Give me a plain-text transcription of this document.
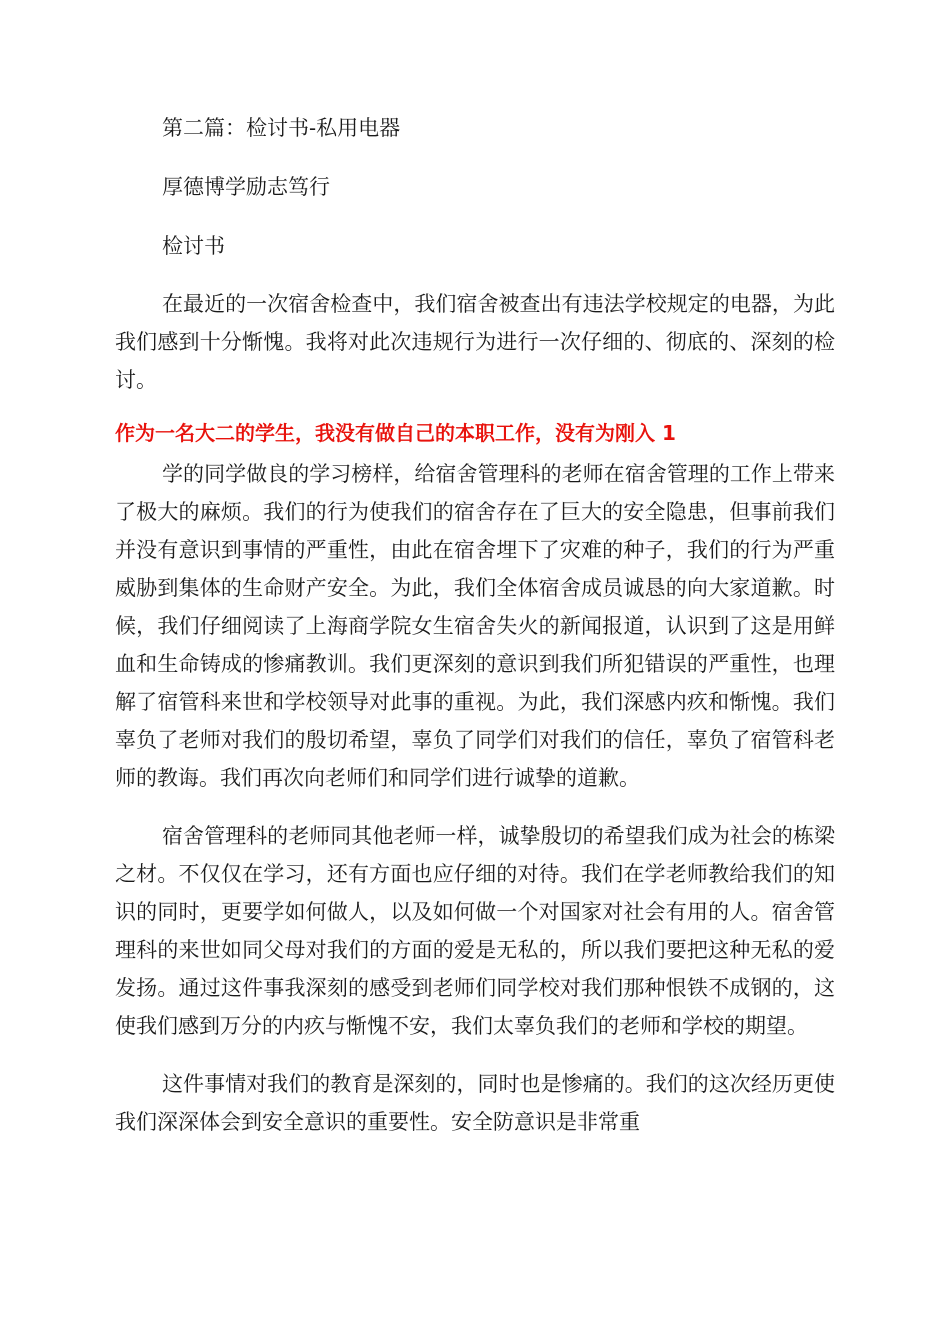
第二篇：检讨书-私用电器

厚德博学励志笃行

检讨书

在最近的一次宿舍检查中，我们宿舍被查出有违法学校规定的电器，为此我们感到十分惭愧。我将对此次违规行为进行一次仔细的、彻底的、深刻的检讨。

作为一名大二的学生，我没有做自己的本职工作，没有为刚入 1

学的同学做良的学习榜样，给宿舍管理科的老师在宿舍管理的工作上带来了极大的麻烦。我们的行为使我们的宿舍存在了巨大的安全隐患，但事前我们并没有意识到事情的严重性，由此在宿舍埋下了灾难的种子，我们的行为严重威胁到集体的生命财产安全。为此，我们全体宿舍成员诚恳的向大家道歉。时候，我们仔细阅读了上海商学院女生宿舍失火的新闻报道，认识到了这是用鲜血和生命铸成的惨痛教训。我们更深刻的意识到我们所犯错误的严重性，也理解了宿管科来世和学校领导对此事的重视。为此，我们深感内疚和惭愧。我们辜负了老师对我们的殷切希望，辜负了同学们对我们的信任，辜负了宿管科老师的教诲。我们再次向老师们和同学们进行诚挚的道歉。

宿舍管理科的老师同其他老师一样，诚挚殷切的希望我们成为社会的栋梁之材。不仅仅在学习，还有方面也应仔细的对待。我们在学老师教给我们的知识的同时，更要学如何做人，以及如何做一个对国家对社会有用的人。宿舍管理科的来世如同父母对我们的方面的爱是无私的，所以我们要把这种无私的爱发扬。通过这件事我深刻的感受到老师们同学校对我们那种恨铁不成钢的，这使我们感到万分的内疚与惭愧不安，我们太辜负我们的老师和学校的期望。

这件事情对我们的教育是深刻的，同时也是惨痛的。我们的这次经历更使我们深深体会到安全意识的重要性。安全防意识是非常重
